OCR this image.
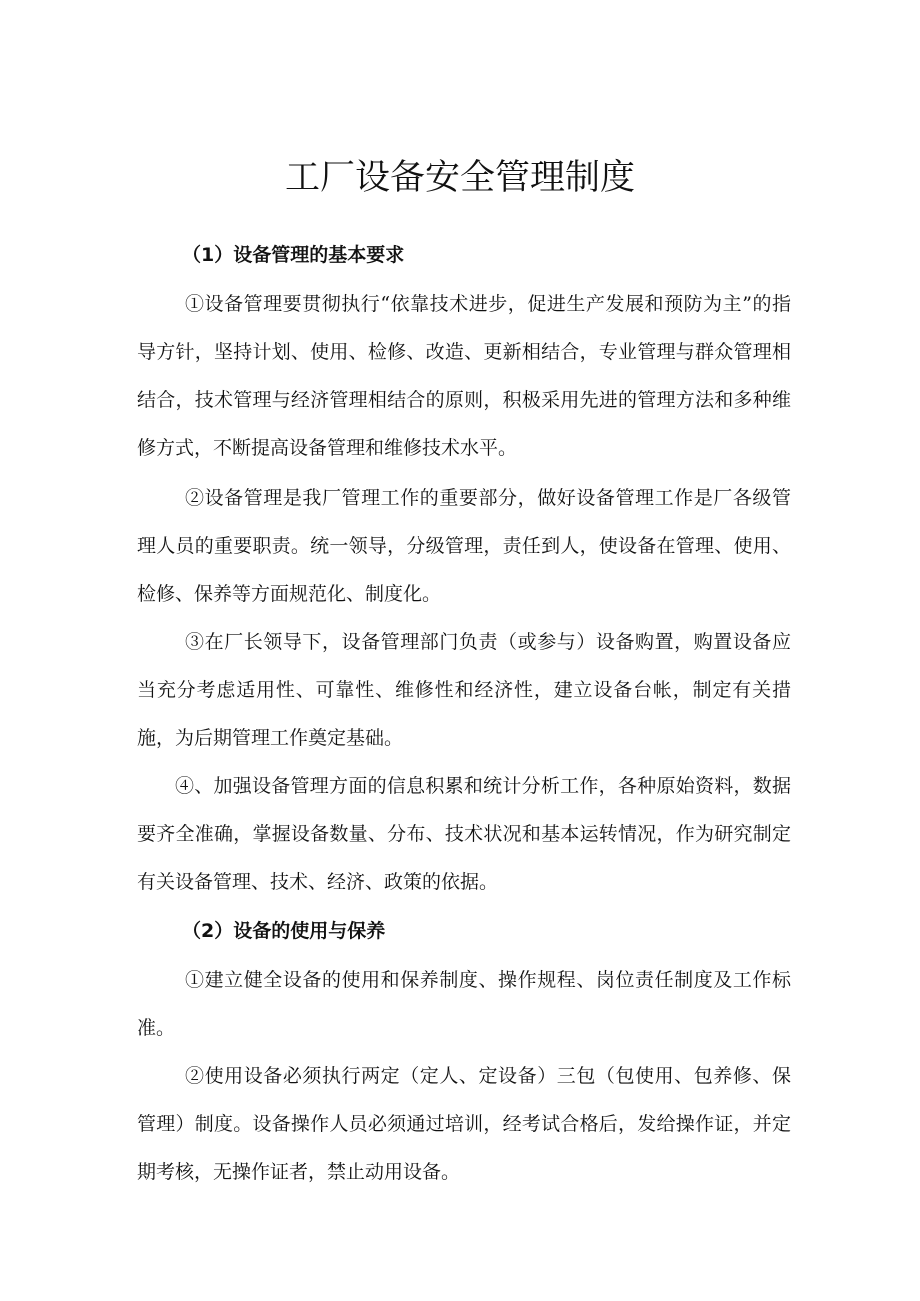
工厂设备安全管理制度
（1）设备管理的基本要求

①设备管理要贯彻执行“依靠技术进步，促进生产发展和预防为主”的指导方针，坚持计划、使用、检修、改造、更新相结合，专业管理与群众管理相结合，技术管理与经济管理相结合的原则，积极采用先进的管理方法和多种维修方式，不断提高设备管理和维修技术水平。

②设备管理是我厂管理工作的重要部分，做好设备管理工作是厂各级管理人员的重要职责。统一领导，分级管理，责任到人，使设备在管理、使用、检修、保养等方面规范化、制度化。

③在厂长领导下，设备管理部门负责（或参与）设备购置，购置设备应当充分考虑适用性、可靠性、维修性和经济性，建立设备台帐，制定有关措施，为后期管理工作奠定基础。

④、加强设备管理方面的信息积累和统计分析工作，各种原始资料，数据要齐全准确，掌握设备数量、分布、技术状况和基本运转情况，作为研究制定有关设备管理、技术、经济、政策的依据。

（2）设备的使用与保养

①建立健全设备的使用和保养制度、操作规程、岗位责任制度及工作标准。

②使用设备必须执行两定（定人、定设备）三包（包使用、包养修、保管理）制度。设备操作人员必须通过培训，经考试合格后，发给操作证，并定期考核，无操作证者，禁止动用设备。
